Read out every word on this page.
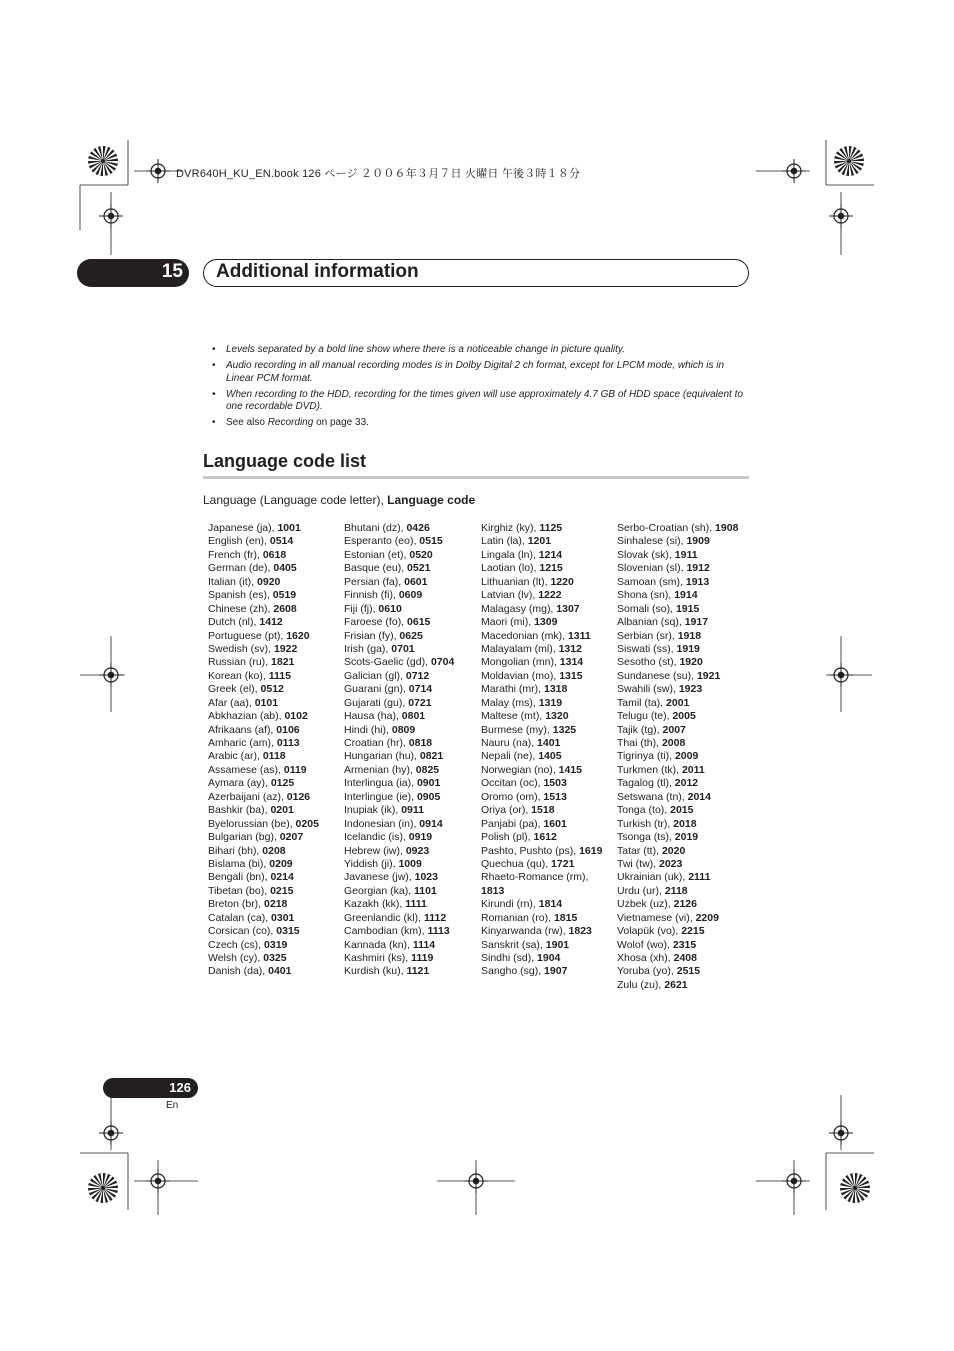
DVR640H_KU_EN.book 126 ページ ２００６年３月７日 火曜日 午後３時１８分
15 Additional information
• Levels separated by a bold line show where there is a noticeable change in picture quality.
• Audio recording in all manual recording modes is in Dolby Digital 2 ch format, except for LPCM mode, which is in Linear PCM format.
• When recording to the HDD, recording for the times given will use approximately 4.7 GB of HDD space (equivalent to one recordable DVD).
• See also Recording on page 33.
Language code list
Language (Language code letter), Language code
Japanese (ja), 1001
English (en), 0514
French (fr), 0618
German (de), 0405
Italian (it), 0920
Spanish (es), 0519
Chinese (zh), 2608
Dutch (nl), 1412
Portuguese (pt), 1620
Swedish (sv), 1922
Russian (ru), 1821
Korean (ko), 1115
Greek (el), 0512
Afar (aa), 0101
Abkhazian (ab), 0102
Afrikaans (af), 0106
Amharic (am), 0113
Arabic (ar), 0118
Assamese (as), 0119
Aymara (ay), 0125
Azerbaijani (az), 0126
Bashkir (ba), 0201
Byelorussian (be), 0205
Bulgarian (bg), 0207
Bihari (bh), 0208
Bislama (bi), 0209
Bengali (bn), 0214
Tibetan (bo), 0215
Breton (br), 0218
Catalan (ca), 0301
Corsican (co), 0315
Czech (cs), 0319
Welsh (cy), 0325
Danish (da), 0401
Bhutani (dz), 0426
Esperanto (eo), 0515
Estonian (et), 0520
Basque (eu), 0521
Persian (fa), 0601
Finnish (fi), 0609
Fiji (fj), 0610
Faroese (fo), 0615
Frisian (fy), 0625
Irish (ga), 0701
Scots-Gaelic (gd), 0704
Galician (gl), 0712
Guarani (gn), 0714
Gujarati (gu), 0721
Hausa (ha), 0801
Hindi (hi), 0809
Croatian (hr), 0818
Hungarian (hu), 0821
Armenian (hy), 0825
Interlingua (ia), 0901
Interlingue (ie), 0905
Inupiak (ik), 0911
Indonesian (in), 0914
Icelandic (is), 0919
Hebrew (iw), 0923
Yiddish (ji), 1009
Javanese (jw), 1023
Georgian (ka), 1101
Kazakh (kk), 1111
Greenlandic (kl), 1112
Cambodian (km), 1113
Kannada (kn), 1114
Kashmiri (ks), 1119
Kurdish (ku), 1121
Kirghiz (ky), 1125
Latin (la), 1201
Lingala (ln), 1214
Laotian (lo), 1215
Lithuanian (lt), 1220
Latvian (lv), 1222
Malagasy (mg), 1307
Maori (mi), 1309
Macedonian (mk), 1311
Malayalam (ml), 1312
Mongolian (mn), 1314
Moldavian (mo), 1315
Marathi (mr), 1318
Malay (ms), 1319
Maltese (mt), 1320
Burmese (my), 1325
Nauru (na), 1401
Nepali (ne), 1405
Norwegian (no), 1415
Occitan (oc), 1503
Oromo (om), 1513
Oriya (or), 1518
Panjabi (pa), 1601
Polish (pl), 1612
Pashto, Pushto (ps), 1619
Quechua (qu), 1721
Rhaeto-Romance (rm),
1813
Kirundi (rn), 1814
Romanian (ro), 1815
Kinyarwanda (rw), 1823
Sanskrit (sa), 1901
Sindhi (sd), 1904
Sangho (sg), 1907
Serbo-Croatian (sh), 1908
Sinhalese (si), 1909
Slovak (sk), 1911
Slovenian (sl), 1912
Samoan (sm), 1913
Shona (sn), 1914
Somali (so), 1915
Albanian (sq), 1917
Serbian (sr), 1918
Siswati (ss), 1919
Sesotho (st), 1920
Sundanese (su), 1921
Swahili (sw), 1923
Tamil (ta), 2001
Telugu (te), 2005
Tajik (tg), 2007
Thai (th), 2008
Tigrinya (ti), 2009
Turkmen (tk), 2011
Tagalog (tl), 2012
Setswana (tn), 2014
Tonga (to), 2015
Turkish (tr), 2018
Tsonga (ts), 2019
Tatar (tt), 2020
Twi (tw), 2023
Ukrainian (uk), 2111
Urdu (ur), 2118
Uzbek (uz), 2126
Vietnamese (vi), 2209
Volapük (vo), 2215
Wolof (wo), 2315
Xhosa (xh), 2408
Yoruba (yo), 2515
Zulu (zu), 2621
126
En
